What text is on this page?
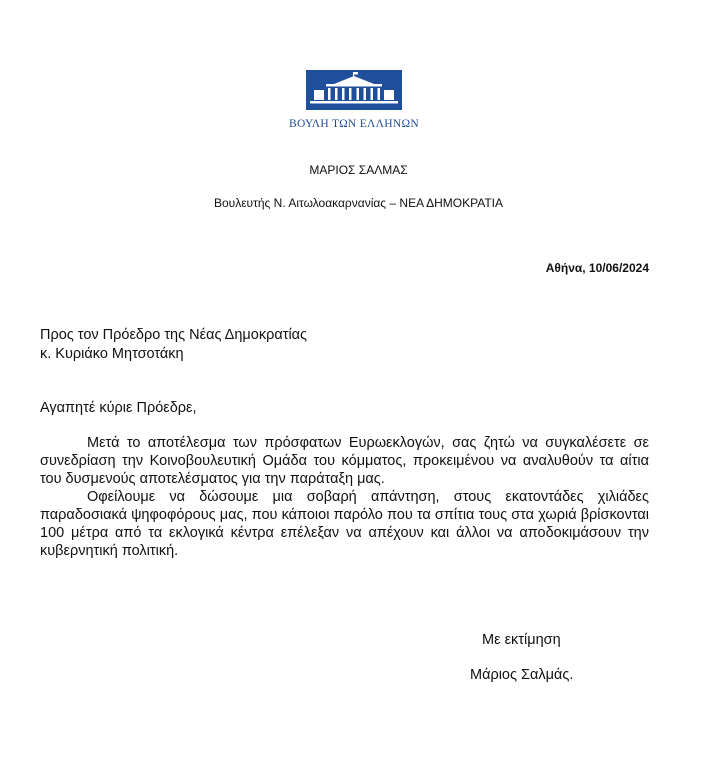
ΒΟΥΛΗ ΤΩΝ ΕΛΛΗΝΩΝ
ΜΑΡΙΟΣ ΣΑΛΜΑΣ
Βουλευτής Ν. Αιτωλοακαρνανίας – ΝΕΑ ΔΗΜΟΚΡΑΤΙΑ
Αθήνα, 10/06/2024
Προς τον Πρόεδρο της Νέας Δημοκρατίας
κ. Κυριάκο Μητσοτάκη
Αγαπητέ κύριε Πρόεδρε,

Μετά το αποτέλεσμα των πρόσφατων Ευρωεκλογών, σας ζητώ να συγκαλέσετε σε συνεδρίαση την Κοινοβουλευτική Ομάδα του κόμματος, προκειμένου να αναλυθούν τα αίτια του δυσμενούς αποτελέσματος για την παράταξη μας.

Οφείλουμε να δώσουμε μια σοβαρή απάντηση, στους εκατοντάδες χιλιάδες παραδοσιακά ψηφοφόρους μας, που κάποιοι παρόλο που τα σπίτια τους στα χωριά βρίσκονται 100 μέτρα από τα εκλογικά κέντρα επέλεξαν να απέχουν και άλλοι να αποδοκιμάσουν την κυβερνητική πολιτική.

Με εκτίμηση
Μάριος Σαλμάς.
